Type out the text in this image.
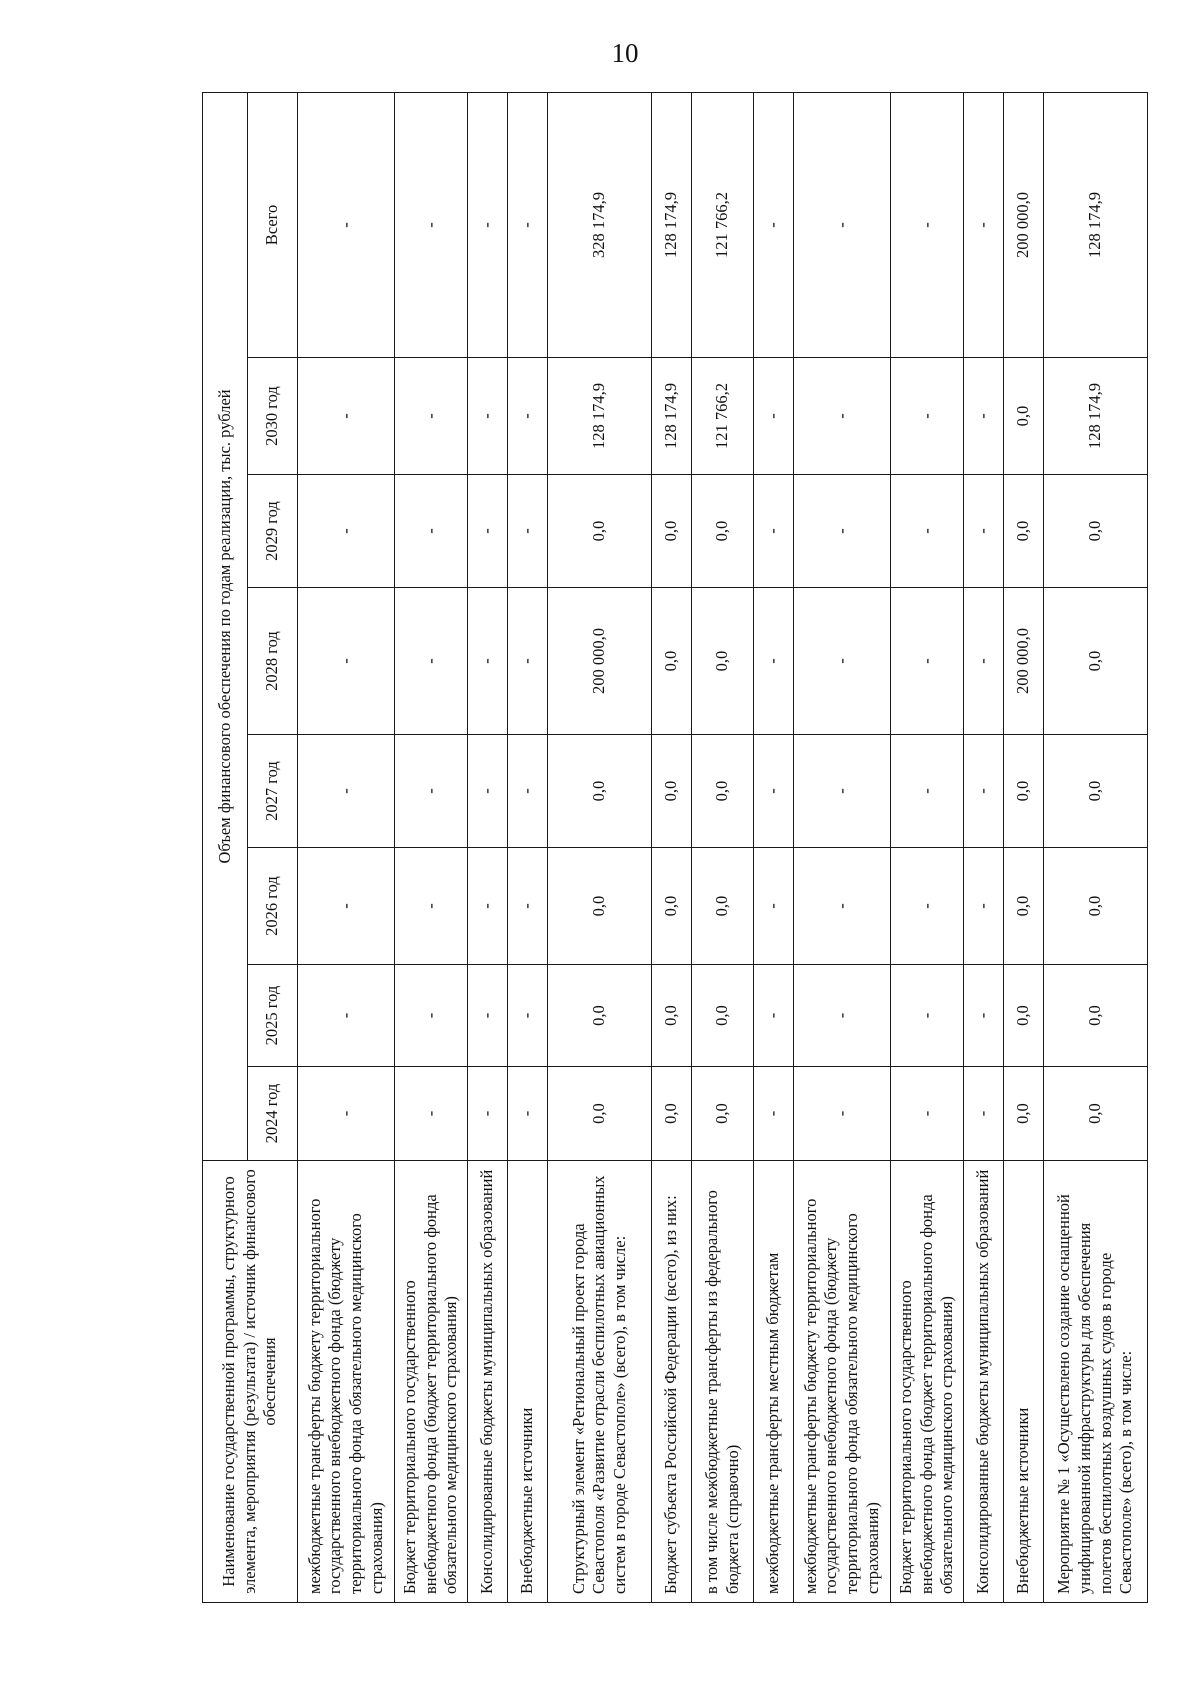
10
Наименование государственной программы, структурного элемента, мероприятия (результата) / источник финансового обеспечения	Объем финансового обеспечения по годам реализации, тыс. рублей							
	2024 год	2025 год	2026 год	2027 год	2028 год	2029 год	2030 год	Всего
межбюджетные трансферты бюджету территориального государственного внебюджетного фонда (бюджету территориального фонда обязательного медицинского страхования)	-	-	-	-	-	-	-	-
Бюджет территориального государственного внебюджетного фонда (бюджет территориального фонда обязательного медицинского страхования)	-	-	-	-	-	-	-	-
Консолидированные бюджеты муниципальных образований	-	-	-	-	-	-	-	-
Внебюджетные источники	-	-	-	-	-	-	-	-
Структурный элемент «Региональный проект города Севастополя «Развитие отрасли беспилотных авиационных систем в городе Севастополе» (всего), в том числе:	0,0	0,0	0,0	0,0	200 000,0	0,0	128 174,9	328 174,9
Бюджет субъекта Российской Федерации (всего), из них:	0,0	0,0	0,0	0,0	0,0	0,0	128 174,9	128 174,9
в том числе межбюджетные трансферты из федерального бюджета (справочно)	0,0	0,0	0,0	0,0	0,0	0,0	121 766,2	121 766,2
межбюджетные трансферты местным бюджетам	-	-	-	-	-	-	-	-
межбюджетные трансферты бюджету территориального государственного внебюджетного фонда (бюджету территориального фонда обязательного медицинского страхования)	-	-	-	-	-	-	-	-
Бюджет территориального государственного внебюджетного фонда (бюджет территориального фонда обязательного медицинского страхования)	-	-	-	-	-	-	-	-
Консолидированные бюджеты муниципальных образований	-	-	-	-	-	-	-	-
Внебюджетные источники	0,0	0,0	0,0	0,0	200 000,0	0,0	0,0	200 000,0
Мероприятие № 1 «Осуществлено создание оснащенной унифицированной инфраструктуры для обеспечения полетов беспилотных воздушных судов в городе Севастополе» (всего), в том числе:	0,0	0,0	0,0	0,0	0,0	0,0	128 174,9	128 174,9
